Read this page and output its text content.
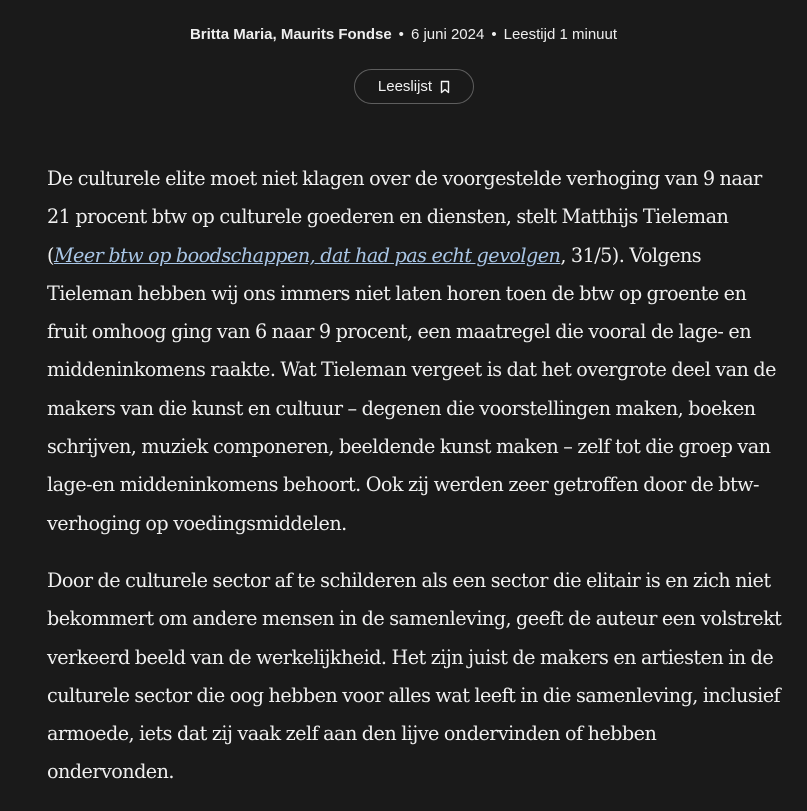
Britta Maria, Maurits Fondse • 6 juni 2024 • Leestijd 1 minuut
Leeslijst

De culturele elite moet niet klagen over de voorgestelde verhoging van 9 naar 21 procent btw op culturele goederen en diensten, stelt Matthijs Tieleman (Meer btw op boodschappen, dat had pas echt gevolgen, 31/5). Volgens Tieleman hebben wij ons immers niet laten horen toen de btw op groente en fruit omhoog ging van 6 naar 9 procent, een maatregel die vooral de lage- en middeninkomens raakte. Wat Tieleman vergeet is dat het overgrote deel van de makers van die kunst en cultuur – degenen die voorstellingen maken, boeken schrijven, muziek componeren, beeldende kunst maken – zelf tot die groep van lage-en middeninkomens behoort. Ook zij werden zeer getroffen door de btw-verhoging op voedingsmiddelen.

Door de culturele sector af te schilderen als een sector die elitair is en zich niet bekommert om andere mensen in de samenleving, geeft de auteur een volstrekt verkeerd beeld van de werkelijkheid. Het zijn juist de makers en artiesten in de culturele sector die oog hebben voor alles wat leeft in die samenleving, inclusief armoede, iets dat zij vaak zelf aan den lijve ondervinden of hebben ondervonden.
